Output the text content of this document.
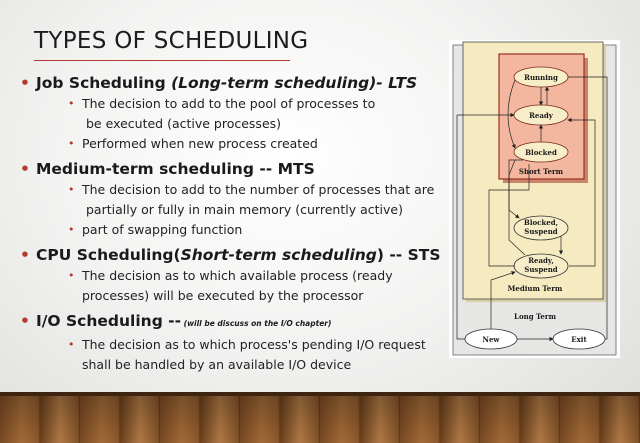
TYPES OF SCHEDULING
• Job Scheduling (Long-term scheduling)- LTS
• The decision to add to the pool of processes to
be executed (active processes)
• Performed when new process created
• Medium-term scheduling -- MTS
• The decision to add to the number of processes that are
partially or fully in main memory (currently active)
• part of swapping function
• CPU Scheduling(Short-term scheduling) -- STS
• The decision as to which available process (ready
processes) will be executed by the processor
• I/O Scheduling -- (will be discuss on the I/O chapter)
• The decision as to which process's pending I/O request
shall be handled by an available I/O device
Running
Ready
Blocked
Blocked,
Suspend
Ready,
Suspend
New	Exit
Short Term
Medium Term
Long Term
